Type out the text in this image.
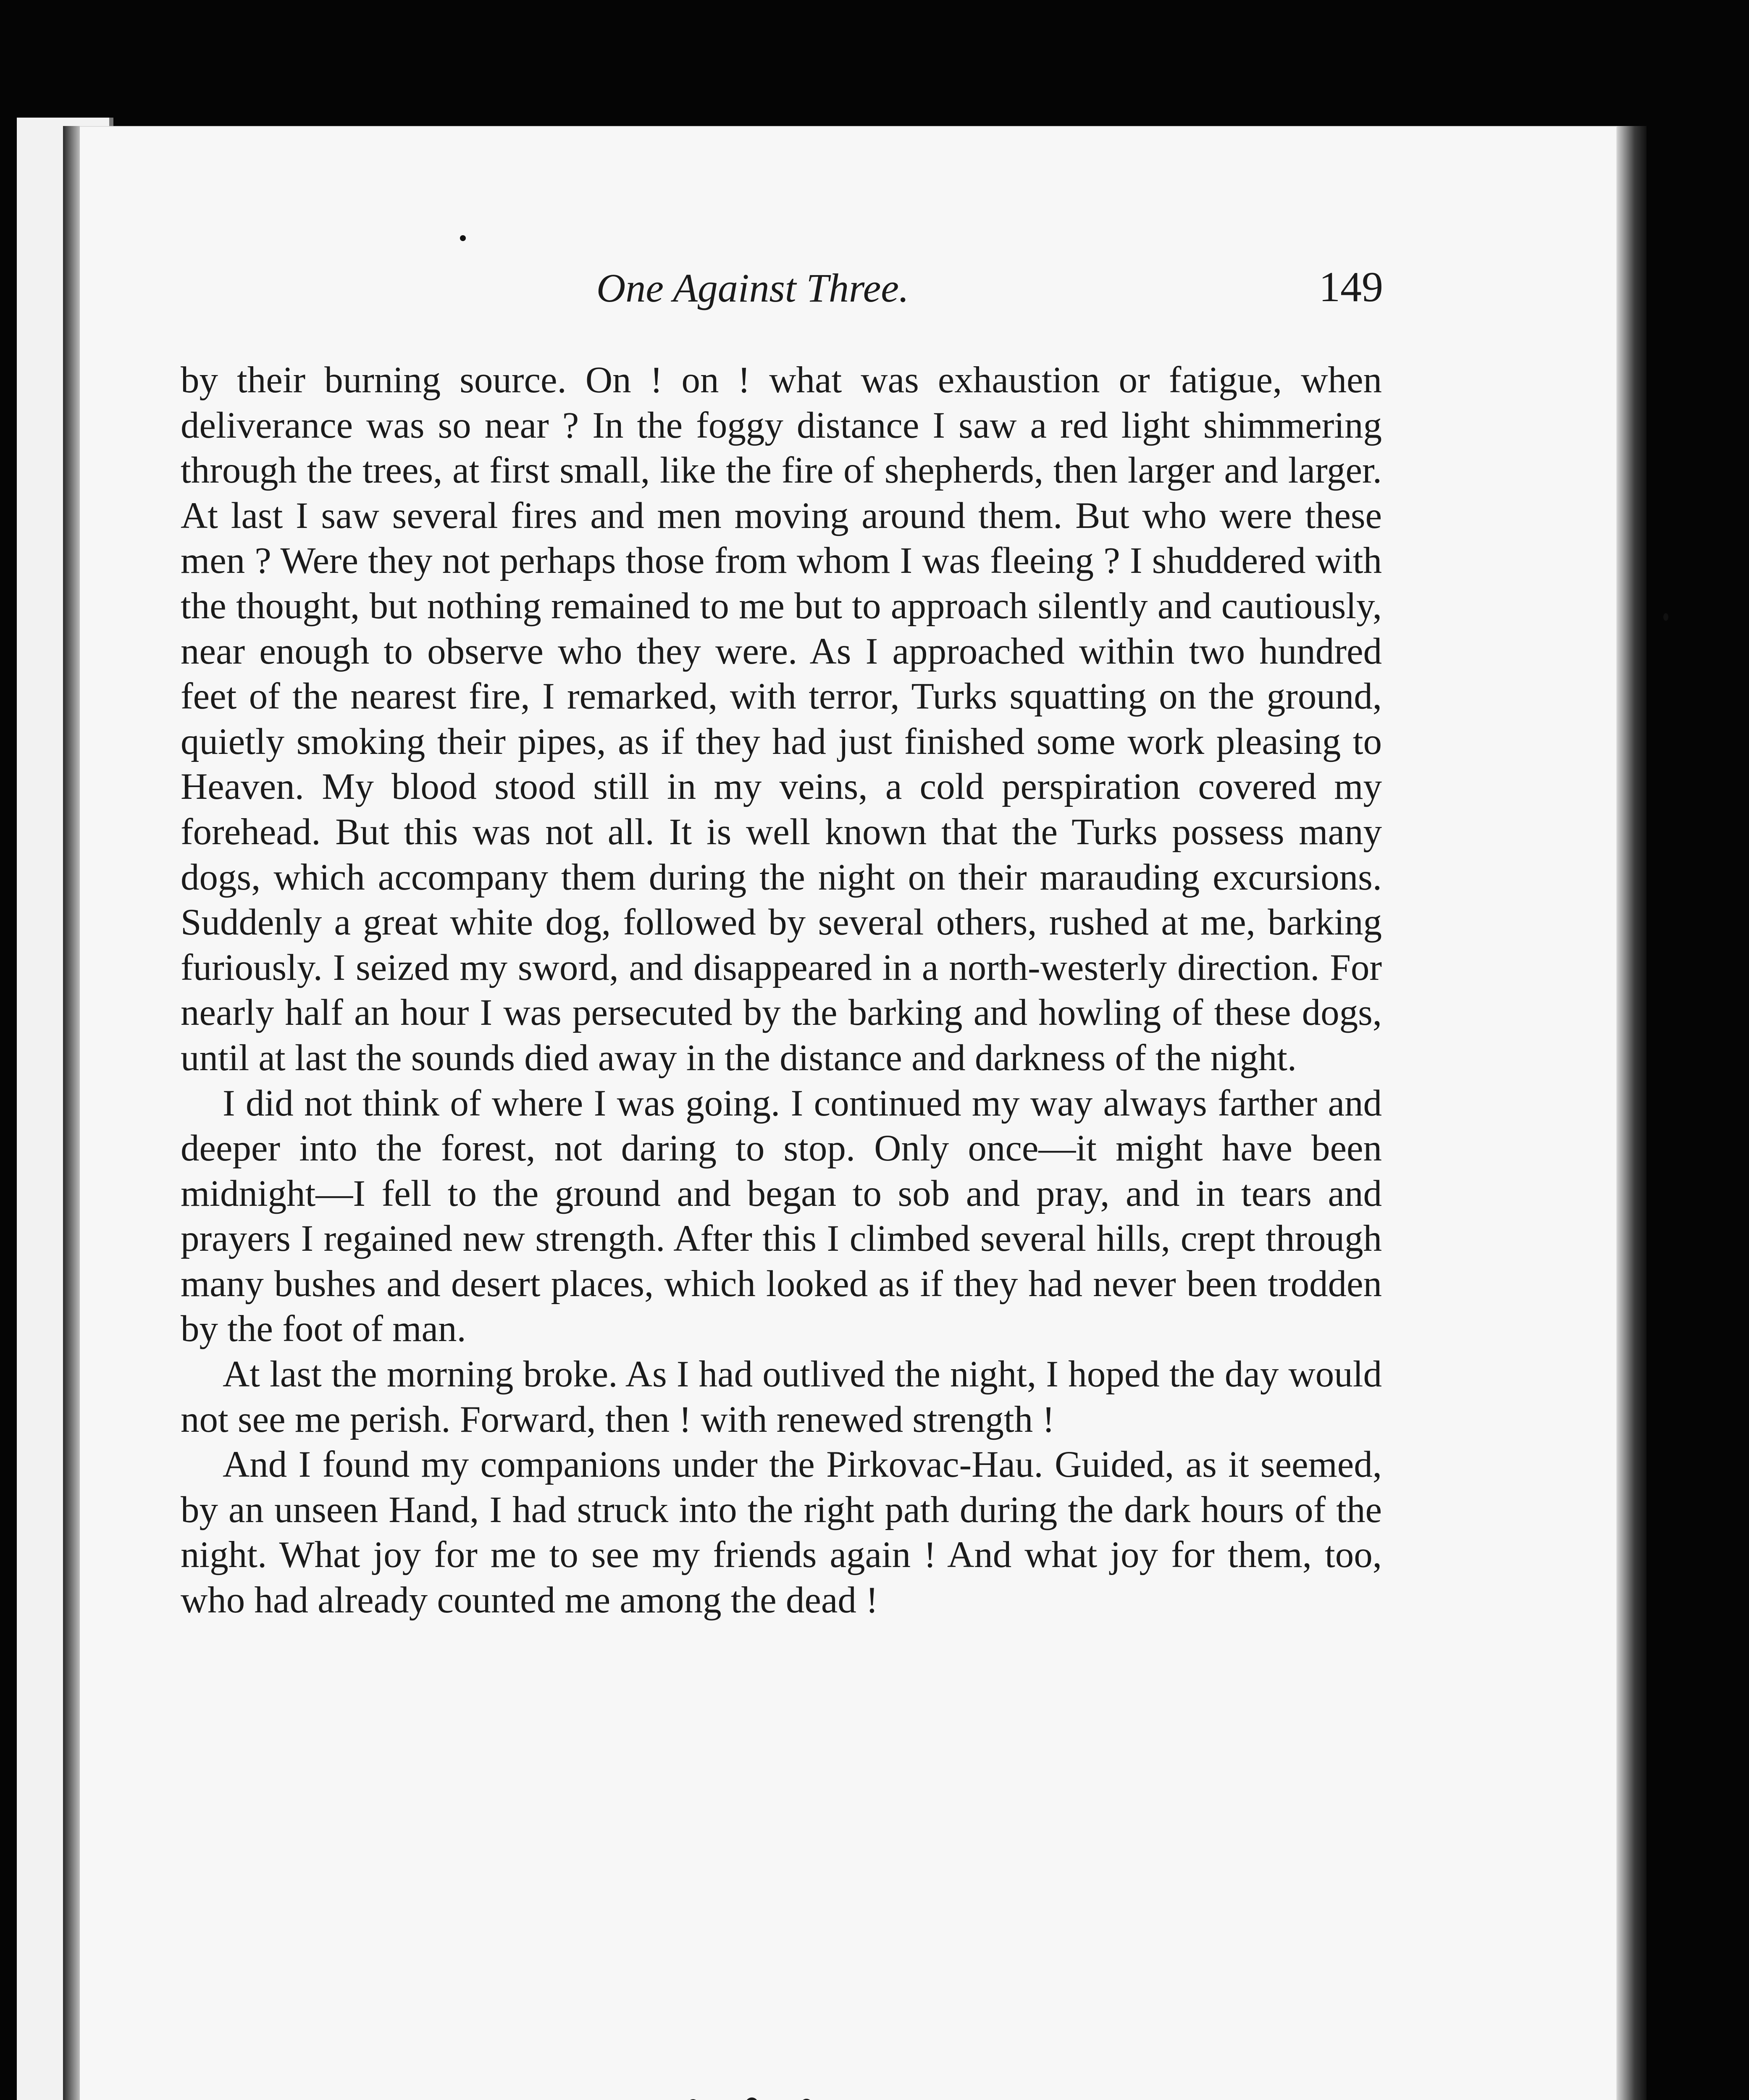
One Against Three.	149

by their burning source. On ! on ! what was exhaustion or fatigue, when deliverance was so near ? In the foggy distance I saw a red light shimmering through the trees, at first small, like the fire of shepherds, then larger and larger. At last I saw several fires and men moving around them. But who were these men ? Were they not perhaps those from whom I was fleeing ? I shuddered with the thought, but nothing remained to me but to approach silently and cautiously, near enough to observe who they were. As I approached within two hundred feet of the nearest fire, I remarked, with terror, Turks squatting on the ground, quietly smoking their pipes, as if they had just finished some work pleasing to Heaven. My blood stood still in my veins, a cold perspiration covered my forehead. But this was not all. It is well known that the Turks possess many dogs, which accompany them during the night on their marauding excursions. Suddenly a great white dog, followed by several others, rushed at me, barking furiously. I seized my sword, and disappeared in a north-westerly direction. For nearly half an hour I was persecuted by the barking and howling of these dogs, until at last the sounds died away in the distance and darkness of the night.

I did not think of where I was going. I continued my way always farther and deeper into the forest, not daring to stop. Only once—it might have been midnight—I fell to the ground and began to sob and pray, and in tears and prayers I regained new strength. After this I climbed several hills, crept through many bushes and desert places, which looked as if they had never been trodden by the foot of man.

At last the morning broke. As I had outlived the night, I hoped the day would not see me perish. Forward, then ! with renewed strength !

And I found my companions under the Pirkovac-Hau. Guided, as it seemed, by an unseen Hand, I had struck into the right path during the dark hours of the night. What joy for me to see my friends again ! And what joy for them, too, who had already counted me among the dead !
